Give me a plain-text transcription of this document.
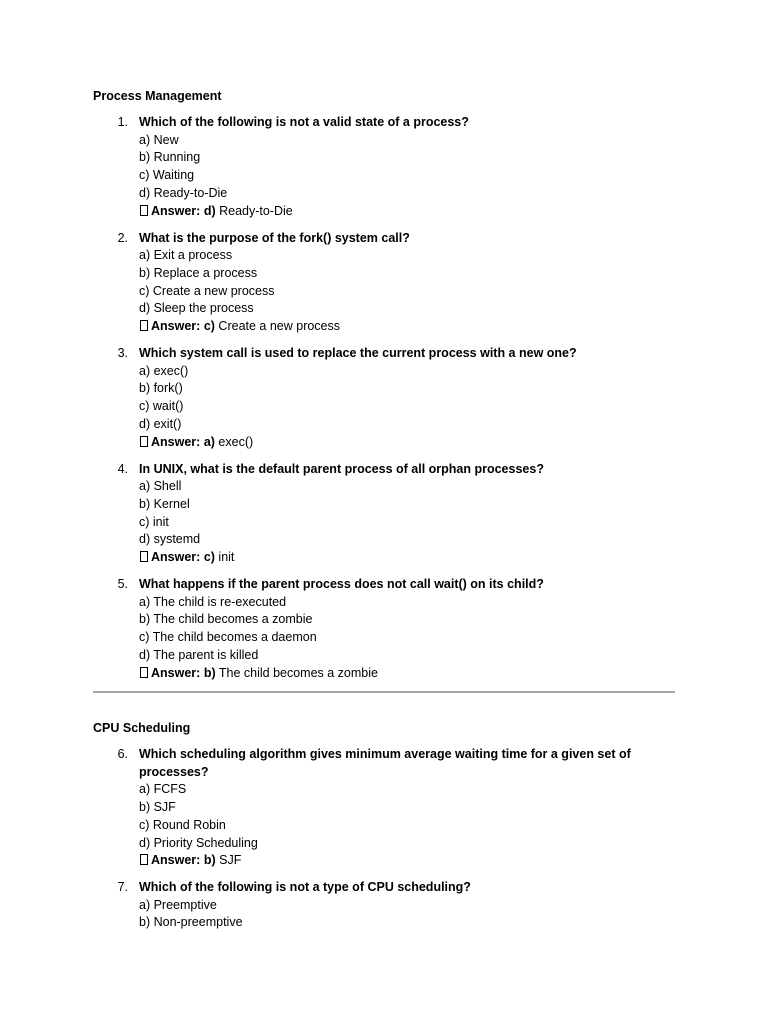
Process Management
1. Which of the following is not a valid state of a process?
a) New
b) Running
c) Waiting
d) Ready-to-Die
Answer: d) Ready-to-Die
2. What is the purpose of the fork() system call?
a) Exit a process
b) Replace a process
c) Create a new process
d) Sleep the process
Answer: c) Create a new process
3. Which system call is used to replace the current process with a new one?
a) exec()
b) fork()
c) wait()
d) exit()
Answer: a) exec()
4. In UNIX, what is the default parent process of all orphan processes?
a) Shell
b) Kernel
c) init
d) systemd
Answer: c) init
5. What happens if the parent process does not call wait() on its child?
a) The child is re-executed
b) The child becomes a zombie
c) The child becomes a daemon
d) The parent is killed
Answer: b) The child becomes a zombie
CPU Scheduling
6. Which scheduling algorithm gives minimum average waiting time for a given set of processes?
a) FCFS
b) SJF
c) Round Robin
d) Priority Scheduling
Answer: b) SJF
7. Which of the following is not a type of CPU scheduling?
a) Preemptive
b) Non-preemptive
